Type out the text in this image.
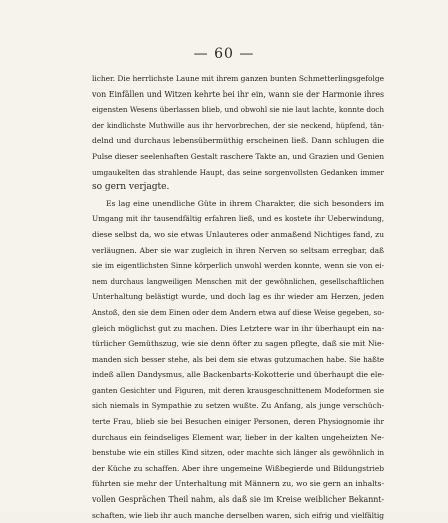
— 60 —
licher. Die herrlichste Laune mit ihrem ganzen bunten Schmetterlingsgefolge
von Einfällen und Witzen kehrte bei ihr ein, wann sie der Harmonie ihres
eigensten Wesens überlassen blieb, und obwohl sie nie laut lachte, konnte doch
der kindlichste Muthwille aus ihr hervorbrechen, der sie neckend, hüpfend, tän-
delnd und durchaus lebensübermüthig erscheinen ließ. Dann schlugen die
Pulse dieser seelenhaften Gestalt raschere Takte an, und Grazien und Genien
umgaukelten das strahlende Haupt, das seine sorgenvollsten Gedanken immer
so gern verjagte.
Es lag eine unendliche Güte in ihrem Charakter, die sich besonders im
Umgang mit ihr tausendfältig erfahren ließ, und es kostete ihr Ueberwindung,
diese selbst da, wo sie etwas Unlauteres oder anmaßend Nichtiges fand, zu
verläugnen. Aber sie war zugleich in ihren Nerven so seltsam erregbar, daß
sie im eigentlichsten Sinne körperlich unwohl werden konnte, wenn sie von ei-
nem durchaus langweiligen Menschen mit der gewöhnlichen, gesellschaftlichen
Unterhaltung belästigt wurde, und doch lag es ihr wieder am Herzen, jeden
Anstoß, den sie dem Einen oder dem Andern etwa auf diese Weise gegeben, so-
gleich möglichst gut zu machen. Dies Letztere war in ihr überhaupt ein na-
türlicher Gemüthszug, wie sie denn öfter zu sagen pflegte, daß sie mit Nie-
manden sich besser stehe, als bei dem sie etwas gutzumachen habe. Sie haßte
indeß allen Dandysmus, alle Backenbarts-Kokotterie und überhaupt die ele-
ganten Gesichter und Figuren, mit deren krausgeschnittenem Modeformen sie
sich niemals in Sympathie zu setzen wußte. Zu Anfang, als junge verschüch-
terte Frau, blieb sie bei Besuchen einiger Personen, deren Physiognomie ihr
durchaus ein feindseliges Element war, lieber in der kalten ungeheizten Ne-
benstube wie ein stilles Kind sitzen, oder machte sich länger als gewöhnlich in
der Küche zu schaffen. Aber ihre ungemeine Wißbegierde und Bildungstrieb
führten sie mehr der Unterhaltung mit Männern zu, wo sie gern an inhalts-
vollen Gesprächen Theil nahm, als daß sie im Kreise weiblicher Bekannt-
schaften, wie lieb ihr auch manche derselben waren, sich eifrig und vielfältig
